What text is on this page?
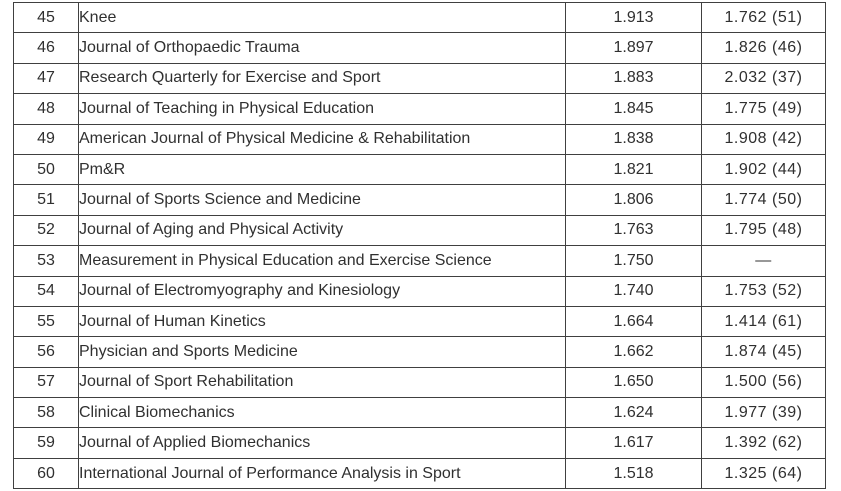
45	Knee	1.913	1.762 (51)
46	Journal of Orthopaedic Trauma	1.897	1.826 (46)
47	Research Quarterly for Exercise and Sport	1.883	2.032 (37)
48	Journal of Teaching in Physical Education	1.845	1.775 (49)
49	American Journal of Physical Medicine & Rehabilitation	1.838	1.908 (42)
50	Pm&R	1.821	1.902 (44)
51	Journal of Sports Science and Medicine	1.806	1.774 (50)
52	Journal of Aging and Physical Activity	1.763	1.795 (48)
53	Measurement in Physical Education and Exercise Science	1.750	—
54	Journal of Electromyography and Kinesiology	1.740	1.753 (52)
55	Journal of Human Kinetics	1.664	1.414 (61)
56	Physician and Sports Medicine	1.662	1.874 (45)
57	Journal of Sport Rehabilitation	1.650	1.500 (56)
58	Clinical Biomechanics	1.624	1.977 (39)
59	Journal of Applied Biomechanics	1.617	1.392 (62)
60	International Journal of Performance Analysis in Sport	1.518	1.325 (64)
